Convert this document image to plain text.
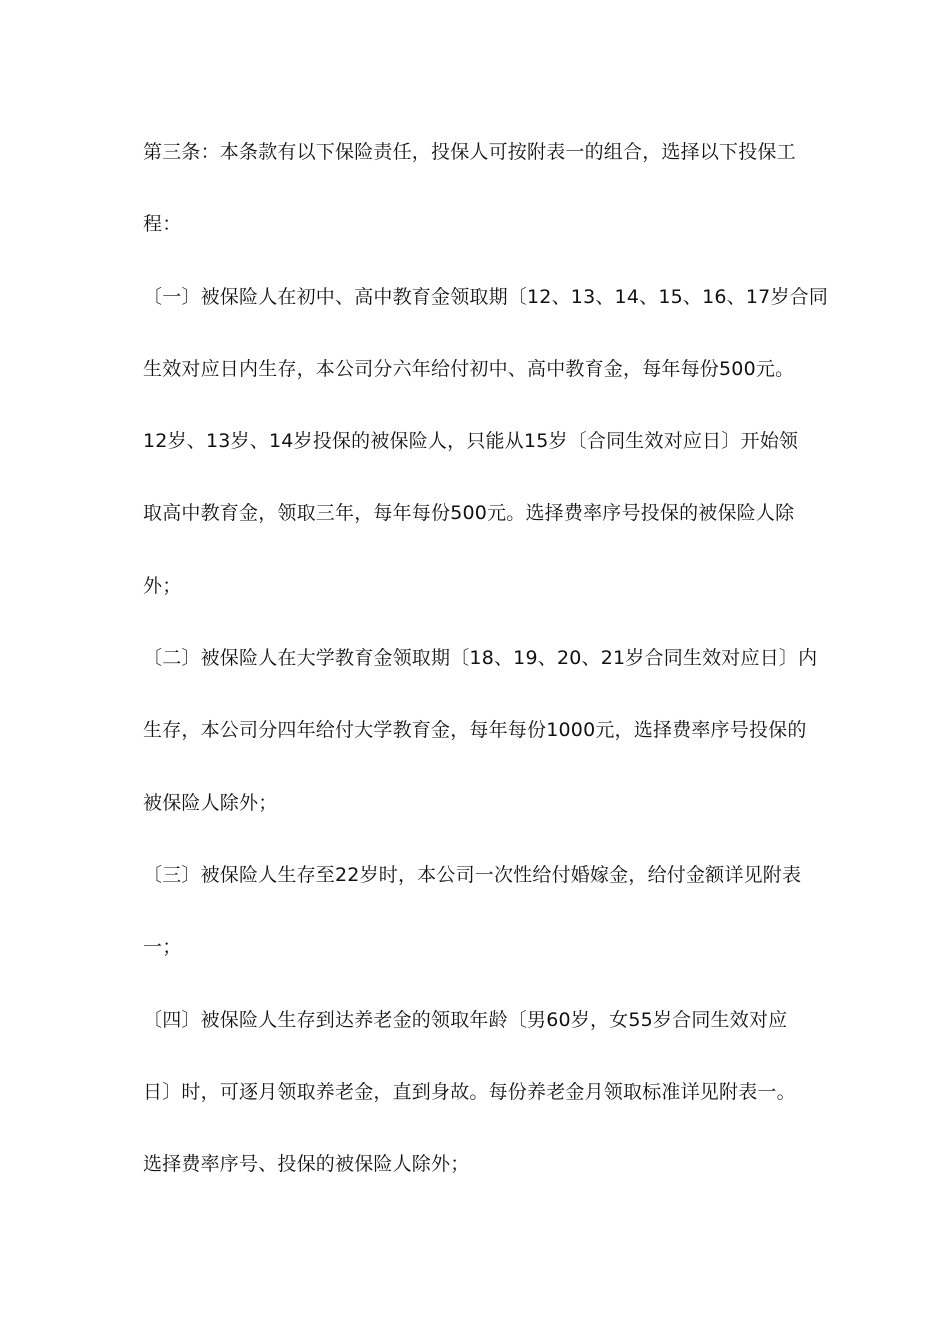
第三条：本条款有以下保险责任，投保人可按附表一的组合，选择以下投保工
程：
〔一〕被保险人在初中、高中教育金领取期〔12、13、14、15、16、17岁合同
生效对应日内生存，本公司分六年给付初中、高中教育金，每年每份500元。
12岁、13岁、14岁投保的被保险人，只能从15岁〔合同生效对应日〕开始领
取高中教育金，领取三年，每年每份500元。选择费率序号投保的被保险人除
外；
〔二〕被保险人在大学教育金领取期〔18、19、20、21岁合同生效对应日〕内
生存，本公司分四年给付大学教育金，每年每份1000元，选择费率序号投保的
被保险人除外；
〔三〕被保险人生存至22岁时，本公司一次性给付婚嫁金，给付金额详见附表
一；
〔四〕被保险人生存到达养老金的领取年龄〔男60岁，女55岁合同生效对应
日〕时，可逐月领取养老金，直到身故。每份养老金月领取标准详见附表一。
选择费率序号、投保的被保险人除外；
